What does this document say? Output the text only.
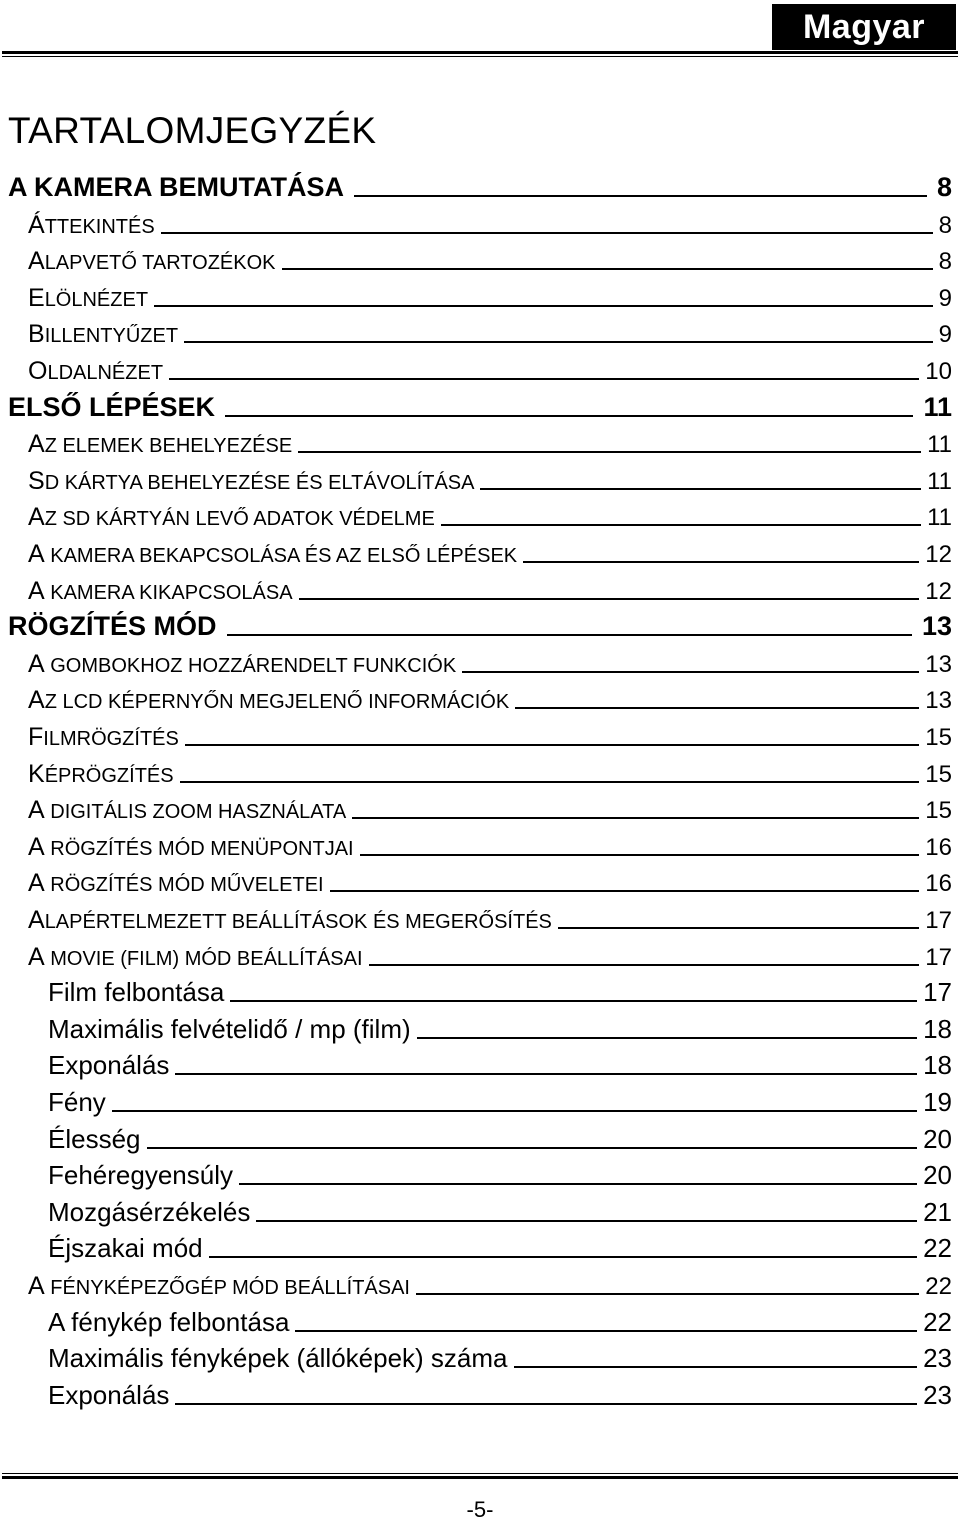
Magyar
TARTALOMJEGYZÉK
A KAMERA BEMUTATÁSA	8
ÁTTEKINTÉS	8
ALAPVETŐ TARTOZÉKOK	8
ELÖLNÉZET	9
BILLENTYŰZET	9
OLDALNÉZET	10
ELSŐ LÉPÉSEK	11
AZ ELEMEK BEHELYEZÉSE	11
SD KÁRTYA BEHELYEZÉSE ÉS ELTÁVOLÍTÁSA	11
AZ SD KÁRTYÁN LEVŐ ADATOK VÉDELME	11
A KAMERA BEKAPCSOLÁSA ÉS AZ ELSŐ LÉPÉSEK	12
A KAMERA KIKAPCSOLÁSA	12
RÖGZÍTÉS MÓD	13
A GOMBOKHOZ HOZZÁRENDELT FUNKCIÓK	13
AZ LCD KÉPERNYŐN MEGJELENŐ INFORMÁCIÓK	13
FILMRÖGZÍTÉS	15
KÉPRÖGZÍTÉS	15
A DIGITÁLIS ZOOM HASZNÁLATA	15
A RÖGZÍTÉS MÓD MENÜPONTJAI	16
A RÖGZÍTÉS MÓD MŰVELETEI	16
ALAPÉRTELMEZETT BEÁLLÍTÁSOK ÉS MEGERŐSÍTÉS	17
A MOVIE (FILM) MÓD BEÁLLÍTÁSAI	17
Film felbontása	17
Maximális felvételidő / mp (film)	18
Exponálás	18
Fény	19
Élesség	20
Fehéregyensúly	20
Mozgásérzékelés	21
Éjszakai mód	22
A FÉNYKÉPEZŐGÉP MÓD BEÁLLÍTÁSAI	22
A fénykép felbontása	22
Maximális fényképek (állóképek) száma	23
Exponálás	23
-5-
